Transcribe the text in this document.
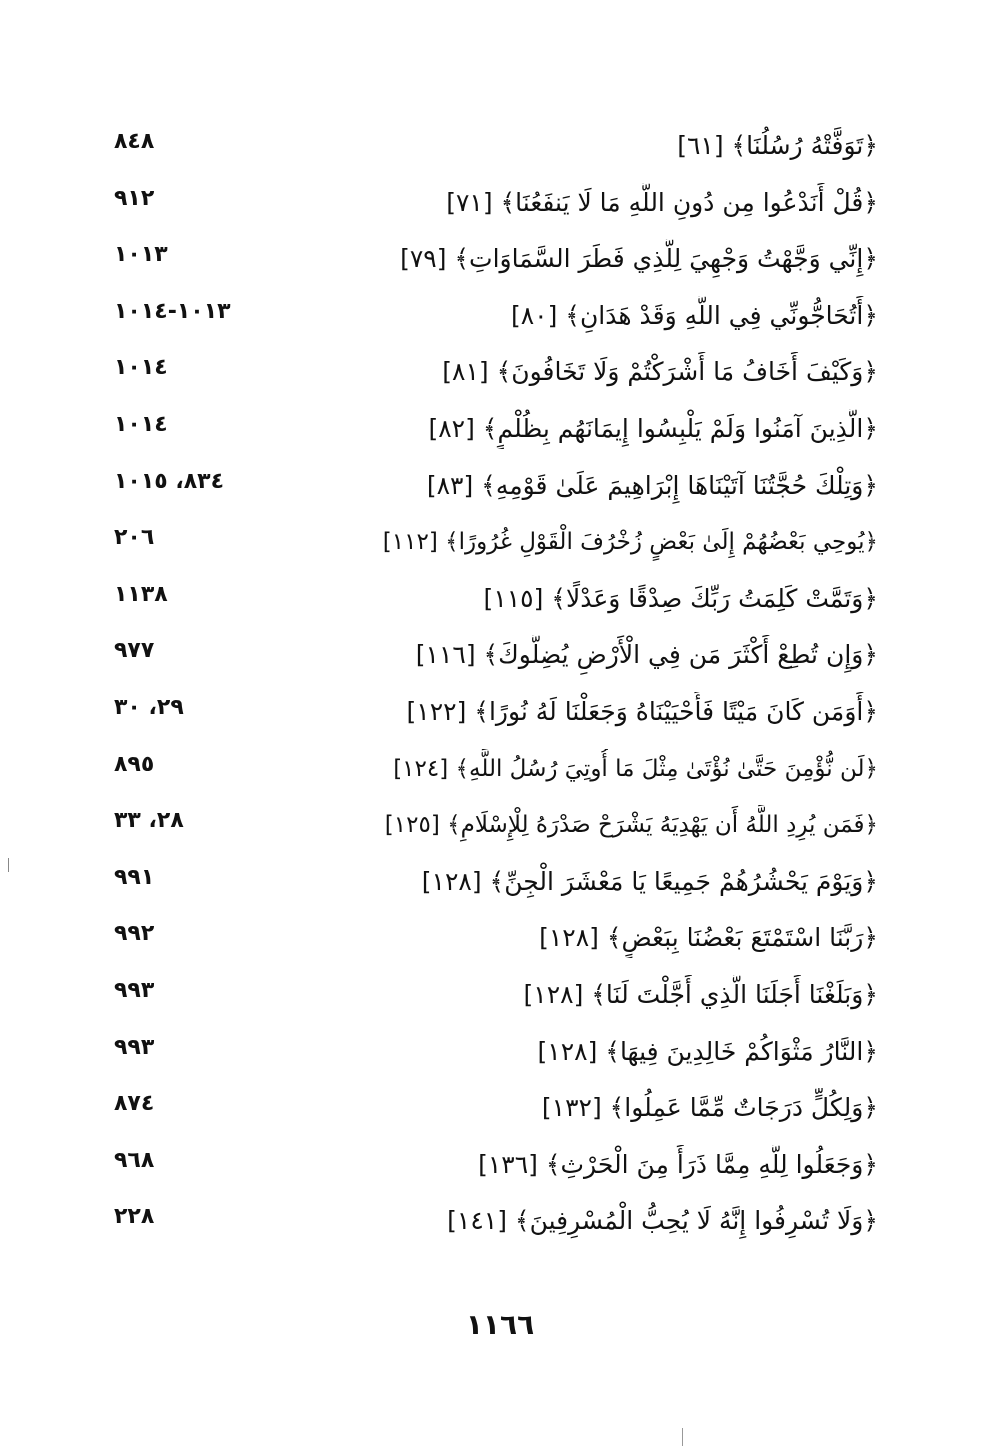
﴿تَوَفَّتْهُ رُسُلُنَا﴾ [٦١]
٨٤٨
﴿قُلْ أَنَدْعُوا مِن دُونِ اللَّهِ مَا لَا يَنفَعُنَا﴾ [٧١]
٩١٢
﴿إِنِّي وَجَّهْتُ وَجْهِيَ لِلَّذِي فَطَرَ السَّمَاوَاتِ﴾ [٧٩]
١٠١٣
﴿أَتُحَاجُّونِّي فِي اللَّهِ وَقَدْ هَدَانِ﴾ [٨٠]
١٠١٣-١٠١٤
﴿وَكَيْفَ أَخَافُ مَا أَشْرَكْتُمْ وَلَا تَخَافُونَ﴾ [٨١]
١٠١٤
﴿الَّذِينَ آمَنُوا وَلَمْ يَلْبِسُوا إِيمَانَهُم بِظُلْمٍ﴾ [٨٢]
١٠١٤
﴿وَتِلْكَ حُجَّتُنَا آتَيْنَاهَا إِبْرَاهِيمَ عَلَىٰ قَوْمِهِ﴾ [٨٣]
٨٣٤، ١٠١٥
﴿يُوحِي بَعْضُهُمْ إِلَىٰ بَعْضٍ زُخْرُفَ الْقَوْلِ غُرُورًا﴾ [١١٢]
٢٠٦
﴿وَتَمَّتْ كَلِمَتُ رَبِّكَ صِدْقًا وَعَدْلًا﴾ [١١٥]
١١٣٨
﴿وَإِن تُطِعْ أَكْثَرَ مَن فِي الْأَرْضِ يُضِلُّوكَ﴾ [١١٦]
٩٧٧
﴿أَوَمَن كَانَ مَيْتًا فَأَحْيَيْنَاهُ وَجَعَلْنَا لَهُ نُورًا﴾ [١٢٢]
٢٩، ٣٠
﴿لَن نُّؤْمِنَ حَتَّىٰ نُؤْتَىٰ مِثْلَ مَا أُوتِيَ رُسُلُ اللَّهِ﴾ [١٢٤]
٨٩٥
﴿فَمَن يُرِدِ اللَّهُ أَن يَهْدِيَهُ يَشْرَحْ صَدْرَهُ لِلْإِسْلَامِ﴾ [١٢٥]
٢٨، ٣٣
﴿وَيَوْمَ يَحْشُرُهُمْ جَمِيعًا يَا مَعْشَرَ الْجِنِّ﴾ [١٢٨]
٩٩١
﴿رَبَّنَا اسْتَمْتَعَ بَعْضُنَا بِبَعْضٍ﴾ [١٢٨]
٩٩٢
﴿وَبَلَغْنَا أَجَلَنَا الَّذِي أَجَّلْتَ لَنَا﴾ [١٢٨]
٩٩٣
﴿النَّارُ مَثْوَاكُمْ خَالِدِينَ فِيهَا﴾ [١٢٨]
٩٩٣
﴿وَلِكُلٍّ دَرَجَاتٌ مِّمَّا عَمِلُوا﴾ [١٣٢]
٨٧٤
﴿وَجَعَلُوا لِلَّهِ مِمَّا ذَرَأَ مِنَ الْحَرْثِ﴾ [١٣٦]
٩٦٨
﴿وَلَا تُسْرِفُوا إِنَّهُ لَا يُحِبُّ الْمُسْرِفِينَ﴾ [١٤١]
٢٢٨
١١٦٦
